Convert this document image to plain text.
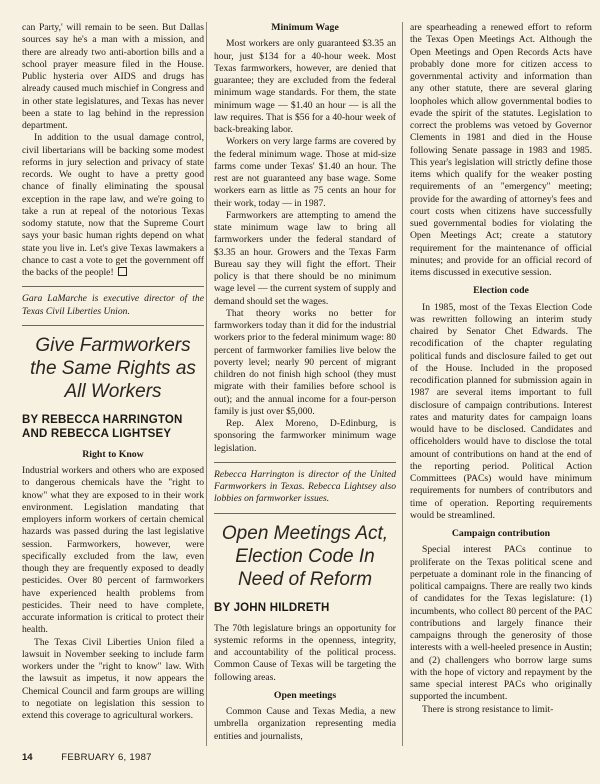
can Party,' will remain to be seen. But Dallas sources say he's a man with a mission, and there are already two anti-abortion bills and a school prayer measure filed in the House. Public hysteria over AIDS and drugs has already caused much mischief in Congress and in other state legislatures, and Texas has never been a state to lag behind in the repression department.

In addition to the usual damage control, civil libertarians will be backing some modest reforms in jury selection and privacy of state records. We ought to have a pretty good chance of finally eliminating the spousal exception in the rape law, and we're going to take a run at repeal of the notorious Texas sodomy statute, now that the Supreme Court says your basic human rights depend on what state you live in. Let's give Texas lawmakers a chance to cast a vote to get the government off the backs of the people!

Gara LaMarche is executive director of the Texas Civil Liberties Union.

Give Farmworkers the Same Rights as All Workers
BY REBECCA HARRINGTON AND REBECCA LIGHTSEY
Right to Know

Industrial workers and others who are exposed to dangerous chemicals have the "right to know" what they are exposed to in their work environment. Legislation mandating that employers inform workers of certain chemical hazards was passed during the last legislative session. Farmworkers, however, were specifically excluded from the law, even though they are frequently exposed to deadly pesticides. Over 80 percent of farmworkers have experienced health problems from pesticides. Their need to have complete, accurate information is critical to protect their health.

The Texas Civil Liberties Union filed a lawsuit in November seeking to include farm workers under the "right to know" law. With the lawsuit as impetus, it now appears the Chemical Council and farm groups are willing to negotiate on legislation this session to extend this coverage to agricultural workers.

Minimum Wage

Most workers are only guaranteed $3.35 an hour, just $134 for a 40-hour week. Most Texas farmworkers, however, are denied that guarantee; they are excluded from the federal minimum wage standards. For them, the state minimum wage — $1.40 an hour — is all the law requires. That is $56 for a 40-hour week of back-breaking labor.

Workers on very large farms are covered by the federal minimum wage. Those at mid-size farms come under Texas' $1.40 an hour. The rest are not guaranteed any base wage. Some workers earn as little as 75 cents an hour for their work, today — in 1987.

Farmworkers are attempting to amend the state minimum wage law to bring all farmworkers under the federal standard of $3.35 an hour. Growers and the Texas Farm Bureau say they will fight the effort. Their policy is that there should be no minimum wage level — the current system of supply and demand should set the wages.

That theory works no better for farmworkers today than it did for the industrial workers prior to the federal minimum wage: 80 percent of farmworker families live below the poverty level; nearly 90 percent of migrant children do not finish high school (they must migrate with their families before school is out); and the annual income for a four-person family is just over $5,000.

Rep. Alex Moreno, D-Edinburg, is sponsoring the farmworker minimum wage legislation.

Rebecca Harrington is director of the United Farmworkers in Texas. Rebecca Lightsey also lobbies on farmworker issues.

Open Meetings Act, Election Code In Need of Reform
BY JOHN HILDRETH

The 70th legislature brings an opportunity for systemic reforms in the openness, integrity, and accountability of the political process. Common Cause of Texas will be targeting the following areas.

Open meetings

Common Cause and Texas Media, a new umbrella organization representing media entities and journalists,

are spearheading a renewed effort to reform the Texas Open Meetings Act. Although the Open Meetings and Open Records Acts have probably done more for citizen access to governmental activity and information than any other statute, there are several glaring loopholes which allow governmental bodies to evade the spirit of the statutes. Legislation to correct the problems was vetoed by Governor Clements in 1981 and died in the House following Senate passage in 1983 and 1985. This year's legislation will strictly define those items which qualify for the weaker posting requirements of an "emergency" meeting; provide for the awarding of attorney's fees and court costs when citizens have successfully sued governmental bodies for violating the Open Meetings Act; create a statutory requirement for the maintenance of official minutes; and provide for an official record of items discussed in executive session.

Election code

In 1985, most of the Texas Election Code was rewritten following an interim study chaired by Senator Chet Edwards. The recodification of the chapter regulating political funds and disclosure failed to get out of the House. Included in the proposed recodification planned for submission again in 1987 are several items important to full disclosure of campaign contributions. Interest rates and maturity dates for campaign loans would have to be disclosed. Candidates and officeholders would have to disclose the total amount of contributions on hand at the end of the reporting period. Political Action Committees (PACs) would have minimum requirements for numbers of contributors and time of operation. Reporting requirements would be streamlined.

Campaign contribution

Special interest PACs continue to proliferate on the Texas political scene and perpetuate a dominant role in the financing of political campaigns. There are really two kinds of candidates for the Texas legislature: (1) incumbents, who collect 80 percent of the PAC contributions and largely finance their campaigns through the generosity of those interests with a well-heeled presence in Austin; and (2) challengers who borrow large sums with the hope of victory and repayment by the same special interest PACs who originally supported the incumbent.

There is strong resistance to limit-

14	FEBRUARY 6, 1987
